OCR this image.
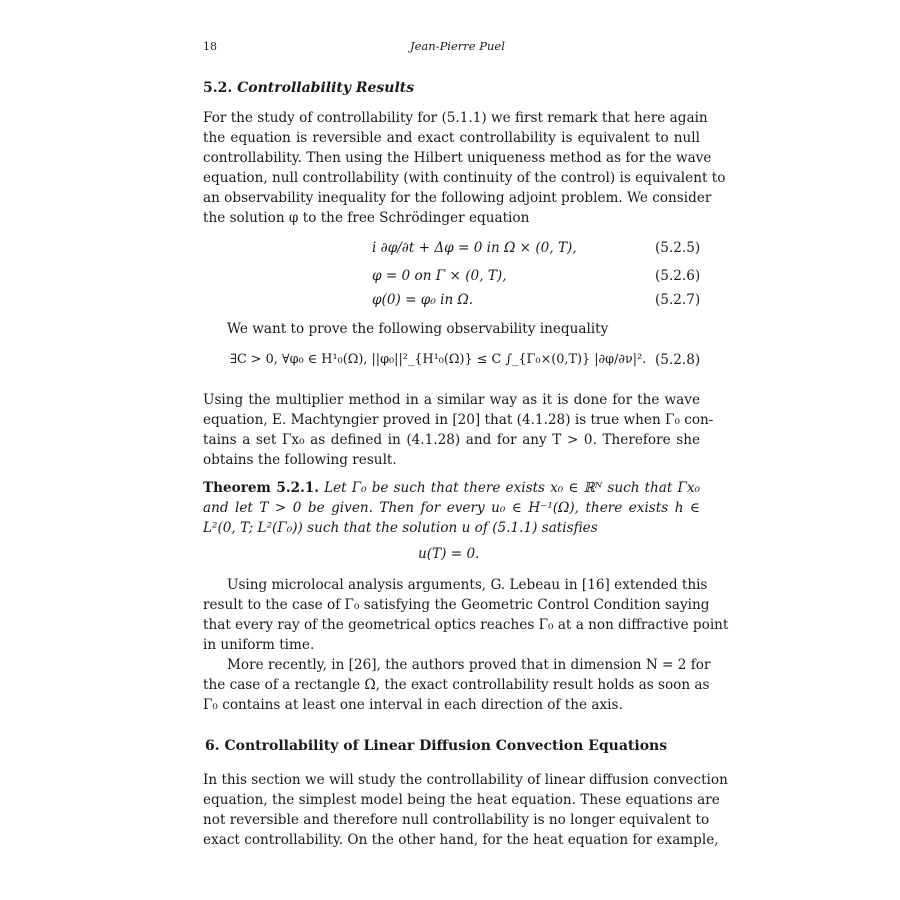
18	Jean-Pierre Puel
5.2. Controllability Results
For the study of controllability for (5.1.1) we first remark that here again
the equation is reversible and exact controllability is equivalent to null
controllability. Then using the Hilbert uniqueness method as for the wave
equation, null controllability (with continuity of the control) is equivalent to
an observability inequality for the following adjoint problem. We consider
the solution φ to the free Schrödinger equation
i ∂φ/∂t + Δφ = 0 in Ω × (0, T),	(5.2.5)
φ = 0 on Γ × (0, T),	(5.2.6)
φ(0) = φ₀ in Ω.	(5.2.7)
We want to prove the following observability inequality
∃C > 0, ∀φ₀ ∈ H¹₀(Ω), ||φ₀||²_{H¹₀(Ω)} ≤ C ∫_{Γ₀×(0,T)} |∂φ/∂ν|². (5.2.8)
Using the multiplier method in a similar way as it is done for the wave
equation, E. Machtyngier proved in [20] that (4.1.28) is true when Γ₀ con-
tains a set Γx₀ as defined in (4.1.28) and for any T > 0. Therefore she
obtains the following result.
Theorem 5.2.1. Let Γ₀ be such that there exists x₀ ∈ ℝᴺ such that Γx₀
and let T > 0 be given. Then for every u₀ ∈ H⁻¹(Ω), there exists h ∈
L²(0, T; L²(Γ₀)) such that the solution u of (5.1.1) satisfies
u(T) = 0.
Using microlocal analysis arguments, G. Lebeau in [16] extended this
result to the case of Γ₀ satisfying the Geometric Control Condition saying
that every ray of the geometrical optics reaches Γ₀ at a non diffractive point
in uniform time.
More recently, in [26], the authors proved that in dimension N = 2 for
the case of a rectangle Ω, the exact controllability result holds as soon as
Γ₀ contains at least one interval in each direction of the axis.
6. Controllability of Linear Diffusion Convection Equations
In this section we will study the controllability of linear diffusion convection
equation, the simplest model being the heat equation. These equations are
not reversible and therefore null controllability is no longer equivalent to
exact controllability. On the other hand, for the heat equation for example,
